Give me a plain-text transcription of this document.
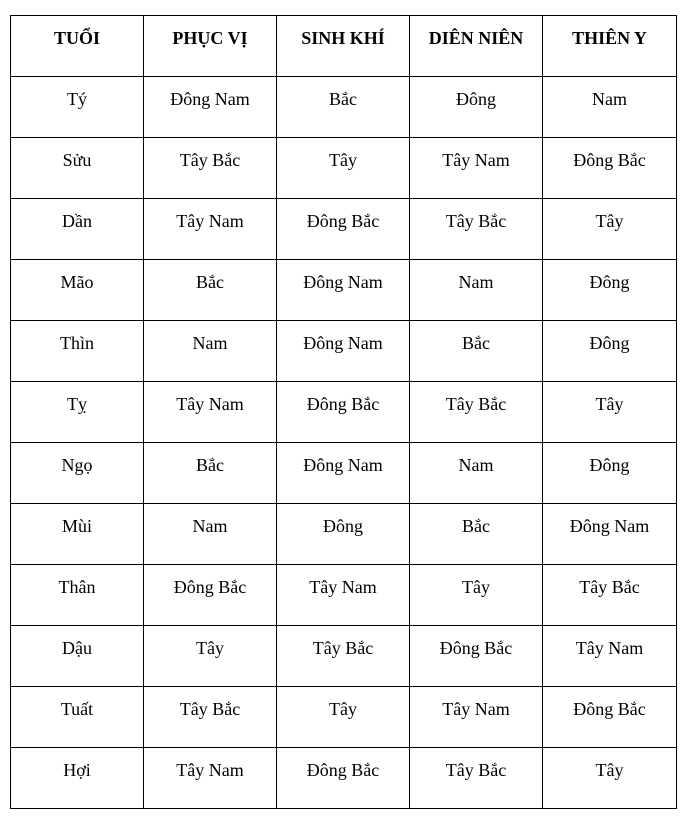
TUỔI	PHỤC VỊ	SINH KHÍ	DIÊN NIÊN	THIÊN Y

Tý	Đông Nam	Bắc	Đông	Nam

Sửu	Tây Bắc	Tây	Tây Nam	Đông Bắc

Dần	Tây Nam	Đông Bắc	Tây Bắc	Tây

Mão	Bắc	Đông Nam	Nam	Đông

Thìn	Nam	Đông Nam	Bắc	Đông

Tỵ	Tây Nam	Đông Bắc	Tây Bắc	Tây

Ngọ	Bắc	Đông Nam	Nam	Đông

Mùi	Nam	Đông	Bắc	Đông Nam

Thân	Đông Bắc	Tây Nam	Tây	Tây Bắc

Dậu	Tây	Tây Bắc	Đông Bắc	Tây Nam

Tuất	Tây Bắc	Tây	Tây Nam	Đông Bắc

Hợi	Tây Nam	Đông Bắc	Tây Bắc	Tây
